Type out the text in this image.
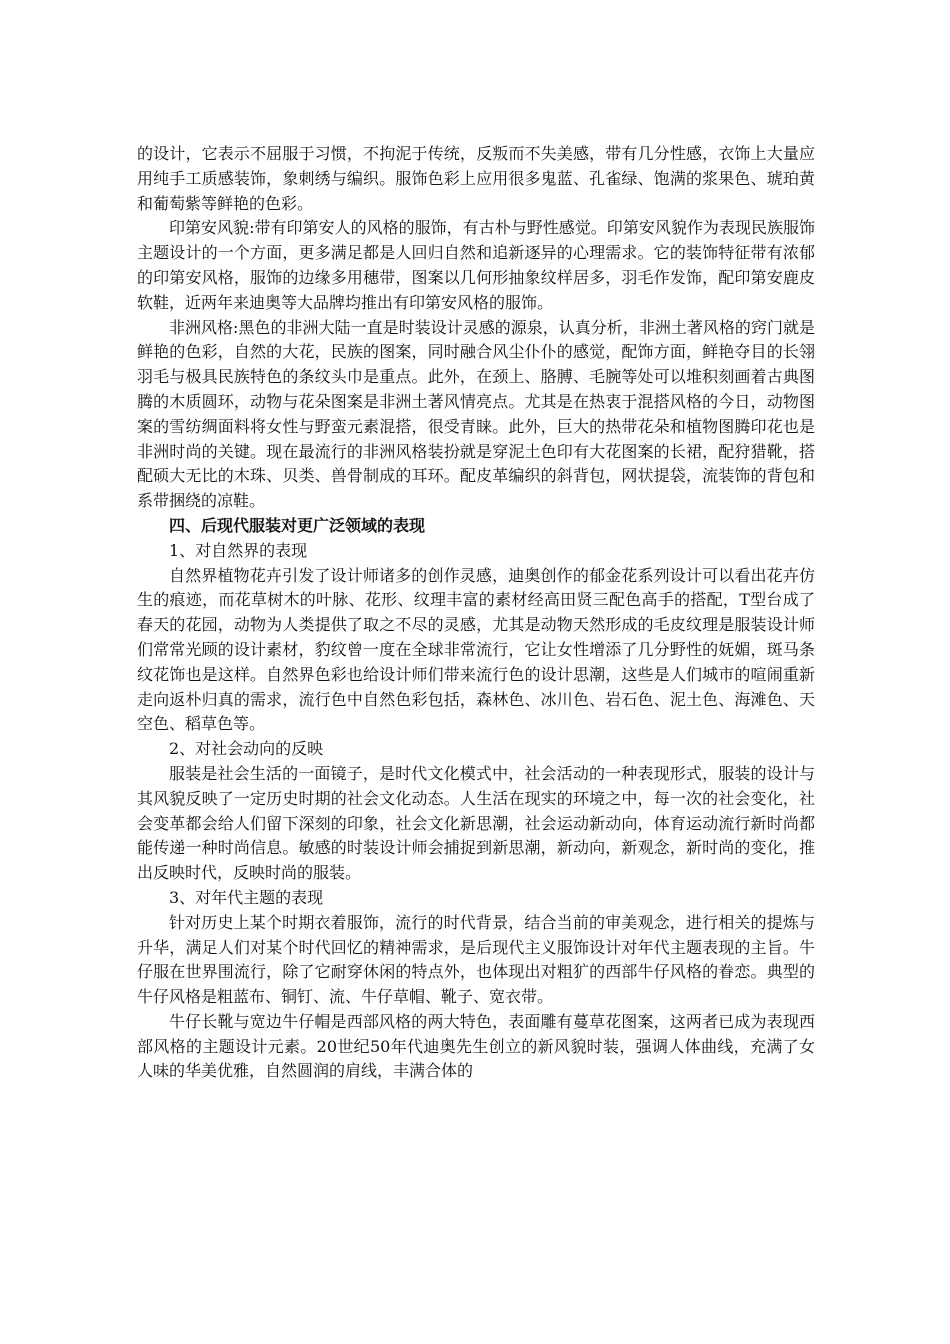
的设计，它表示不屈服于习惯，不拘泥于传统，反叛而不失美感，带有几分性感，衣饰上大量应用纯手工质感装饰，象刺绣与编织。服饰色彩上应用很多鬼蓝、孔雀绿、饱满的浆果色、琥珀黄和葡萄紫等鲜艳的色彩。

印第安风貌:带有印第安人的风格的服饰，有古朴与野性感觉。印第安风貌作为表现民族服饰主题设计的一个方面，更多满足都是人回归自然和追新逐异的心理需求。它的装饰特征带有浓郁的印第安风格，服饰的边缘多用穗带，图案以几何形抽象纹样居多，羽毛作发饰，配印第安鹿皮软鞋，近两年来迪奥等大品牌均推出有印第安风格的服饰。

非洲风格:黑色的非洲大陆一直是时装设计灵感的源泉，认真分析，非洲土著风格的窍门就是鲜艳的色彩，自然的大花，民族的图案，同时融合风尘仆仆的感觉，配饰方面，鲜艳夺目的长翎羽毛与极具民族特色的条纹头巾是重点。此外，在颈上、胳膊、毛腕等处可以堆积刻画着古典图腾的木质圆环，动物与花朵图案是非洲土著风情亮点。尤其是在热衷于混搭风格的今日，动物图案的雪纺绸面料将女性与野蛮元素混搭，很受青睐。此外，巨大的热带花朵和植物图腾印花也是非洲时尚的关键。现在最流行的非洲风格装扮就是穿泥土色印有大花图案的长裙，配狩猎靴，搭配硕大无比的木珠、贝类、兽骨制成的耳环。配皮革编织的斜背包，网状提袋，流装饰的背包和系带捆绕的凉鞋。

四、后现代服装对更广泛领域的表现

1、对自然界的表现

自然界植物花卉引发了设计师诸多的创作灵感，迪奥创作的郁金花系列设计可以看出花卉仿生的痕迹，而花草树木的叶脉、花形、纹理丰富的素材经高田贤三配色高手的搭配，T型台成了春天的花园，动物为人类提供了取之不尽的灵感，尤其是动物天然形成的毛皮纹理是服装设计师们常常光顾的设计素材，豹纹曾一度在全球非常流行，它让女性增添了几分野性的妩媚，斑马条纹花饰也是这样。自然界色彩也给设计师们带来流行色的设计思潮，这些是人们城市的喧闹重新走向返朴归真的需求，流行色中自然色彩包括，森林色、冰川色、岩石色、泥土色、海滩色、天空色、稻草色等。

2、对社会动向的反映

服装是社会生活的一面镜子，是时代文化模式中，社会活动的一种表现形式，服装的设计与其风貌反映了一定历史时期的社会文化动态。人生活在现实的环境之中，每一次的社会变化，社会变革都会给人们留下深刻的印象，社会文化新思潮，社会运动新动向，体育运动流行新时尚都能传递一种时尚信息。敏感的时装设计师会捕捉到新思潮，新动向，新观念，新时尚的变化，推出反映时代，反映时尚的服装。

3、对年代主题的表现

针对历史上某个时期衣着服饰，流行的时代背景，结合当前的审美观念，进行相关的提炼与升华，满足人们对某个时代回忆的精神需求，是后现代主义服饰设计对年代主题表现的主旨。牛仔服在世界围流行，除了它耐穿休闲的特点外，也体现出对粗犷的西部牛仔风格的眷恋。典型的牛仔风格是粗蓝布、铜钉、流、牛仔草帽、靴子、宽衣带。

牛仔长靴与宽边牛仔帽是西部风格的两大特色，表面雕有蔓草花图案，这两者已成为表现西部风格的主题设计元素。20世纪50年代迪奥先生创立的新风貌时装，强调人体曲线，充满了女人味的华美优雅，自然圆润的肩线，丰满合体的
